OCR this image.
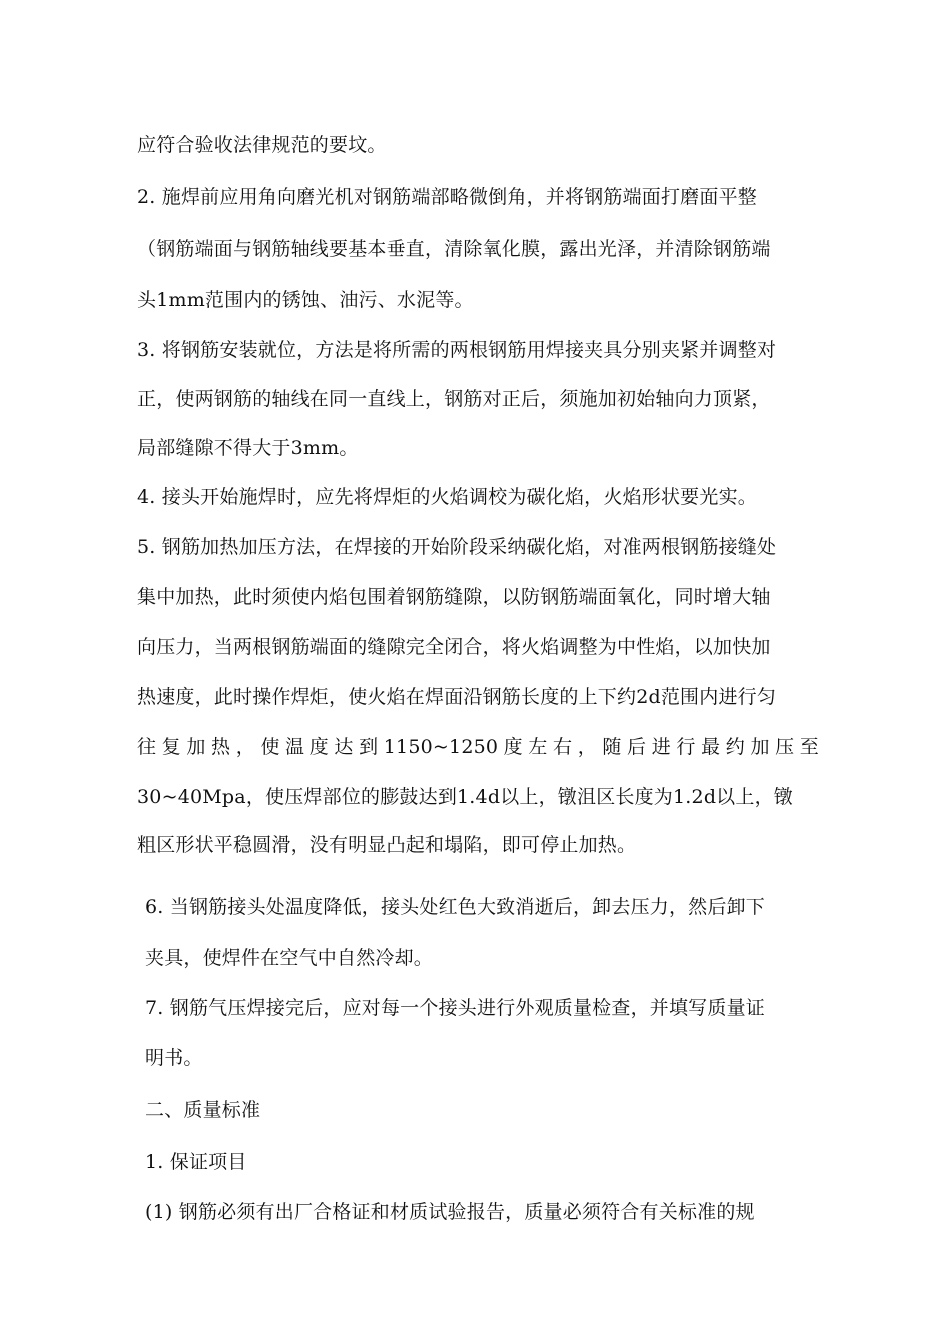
应符合验收法律规范的要坟。
2. 施焊前应用角向磨光机对钢筋端部略微倒角，并将钢筋端面打磨面平整
（钢筋端面与钢筋轴线要基本垂直，清除氧化膜，露出光泽，并清除钢筋端
头1mm范围内的锈蚀、油污、水泥等。
3. 将钢筋安装就位，方法是将所需的两根钢筋用焊接夹具分别夹紧并调整对
正，使两钢筋的轴线在同一直线上，钢筋对正后，须施加初始轴向力顶紧，
局部缝隙不得大于3mm。
4. 接头开始施焊时，应先将焊炬的火焰调校为碳化焰，火焰形状要光实。
5. 钢筋加热加压方法，在焊接的开始阶段采纳碳化焰，对准两根钢筋接缝处
集中加热，此时须使内焰包围着钢筋缝隙，以防钢筋端面氧化，同时增大轴
向压力，当两根钢筋端面的缝隙完全闭合，将火焰调整为中性焰，以加快加
热速度，此时操作焊炬，使火焰在焊面沿钢筋长度的上下约2d范围内进行匀
往复加热，使温度达到1150~1250度左右，随后进行最约加压至
30~40Mpa，使压焊部位的膨鼓达到1.4d以上，镦沮区长度为1.2d以上，镦
粗区形状平稳圆滑，没有明显凸起和塌陷，即可停止加热。
6. 当钢筋接头处温度降低，接头处红色大致消逝后，卸去压力，然后卸下
夹具，使焊件在空气中自然冷却。
7. 钢筋气压焊接完后，应对每一个接头进行外观质量检查，并填写质量证
明书。
二、质量标准
1. 保证项目
(1) 钢筋必须有出厂合格证和材质试验报告，质量必须符合有关标准的规
